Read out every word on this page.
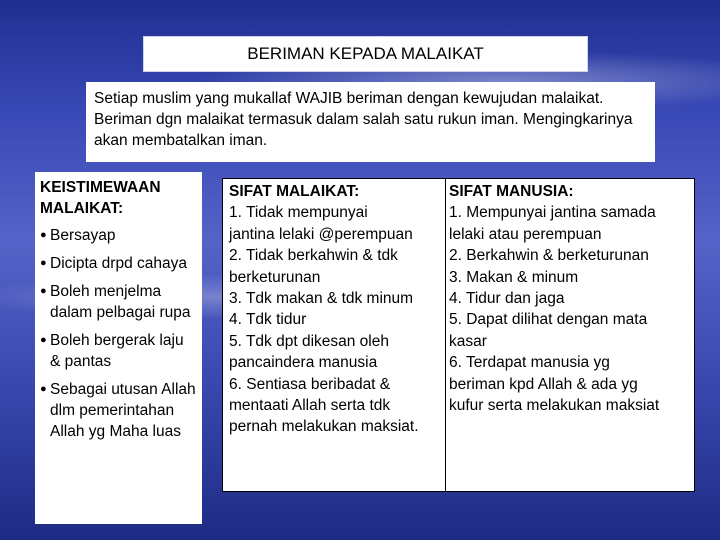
BERIMAN KEPADA MALAIKAT
Setiap muslim yang mukallaf WAJIB beriman dengan kewujudan malaikat. Beriman dgn malaikat termasuk dalam salah satu rukun iman. Mengingkarinya akan membatalkan iman.
KEISTIMEWAAN MALAIKAT:
● Bersayap
● Dicipta drpd cahaya
● Boleh menjelma dalam pelbagai rupa
● Boleh bergerak laju & pantas
● Sebagai utusan Allah dlm pemerintahan Allah yg Maha luas
SIFAT MALAIKAT:
1. Tidak mempunyai
jantina lelaki @perempuan
2. Tidak berkahwin & tdk
berketurunan
3. Tdk makan & tdk minum
4. Tdk tidur
5. Tdk dpt dikesan oleh
pancaindera manusia
6. Sentiasa beribadat &
mentaati Allah serta tdk
pernah melakukan maksiat.
SIFAT MANUSIA:
1. Mempunyai jantina samada
lelaki atau perempuan
2. Berkahwin & berketurunan
3. Makan & minum
4. Tidur dan jaga
5. Dapat dilihat dengan mata
kasar
6. Terdapat manusia yg
beriman kpd Allah & ada yg
kufur serta melakukan maksiat
